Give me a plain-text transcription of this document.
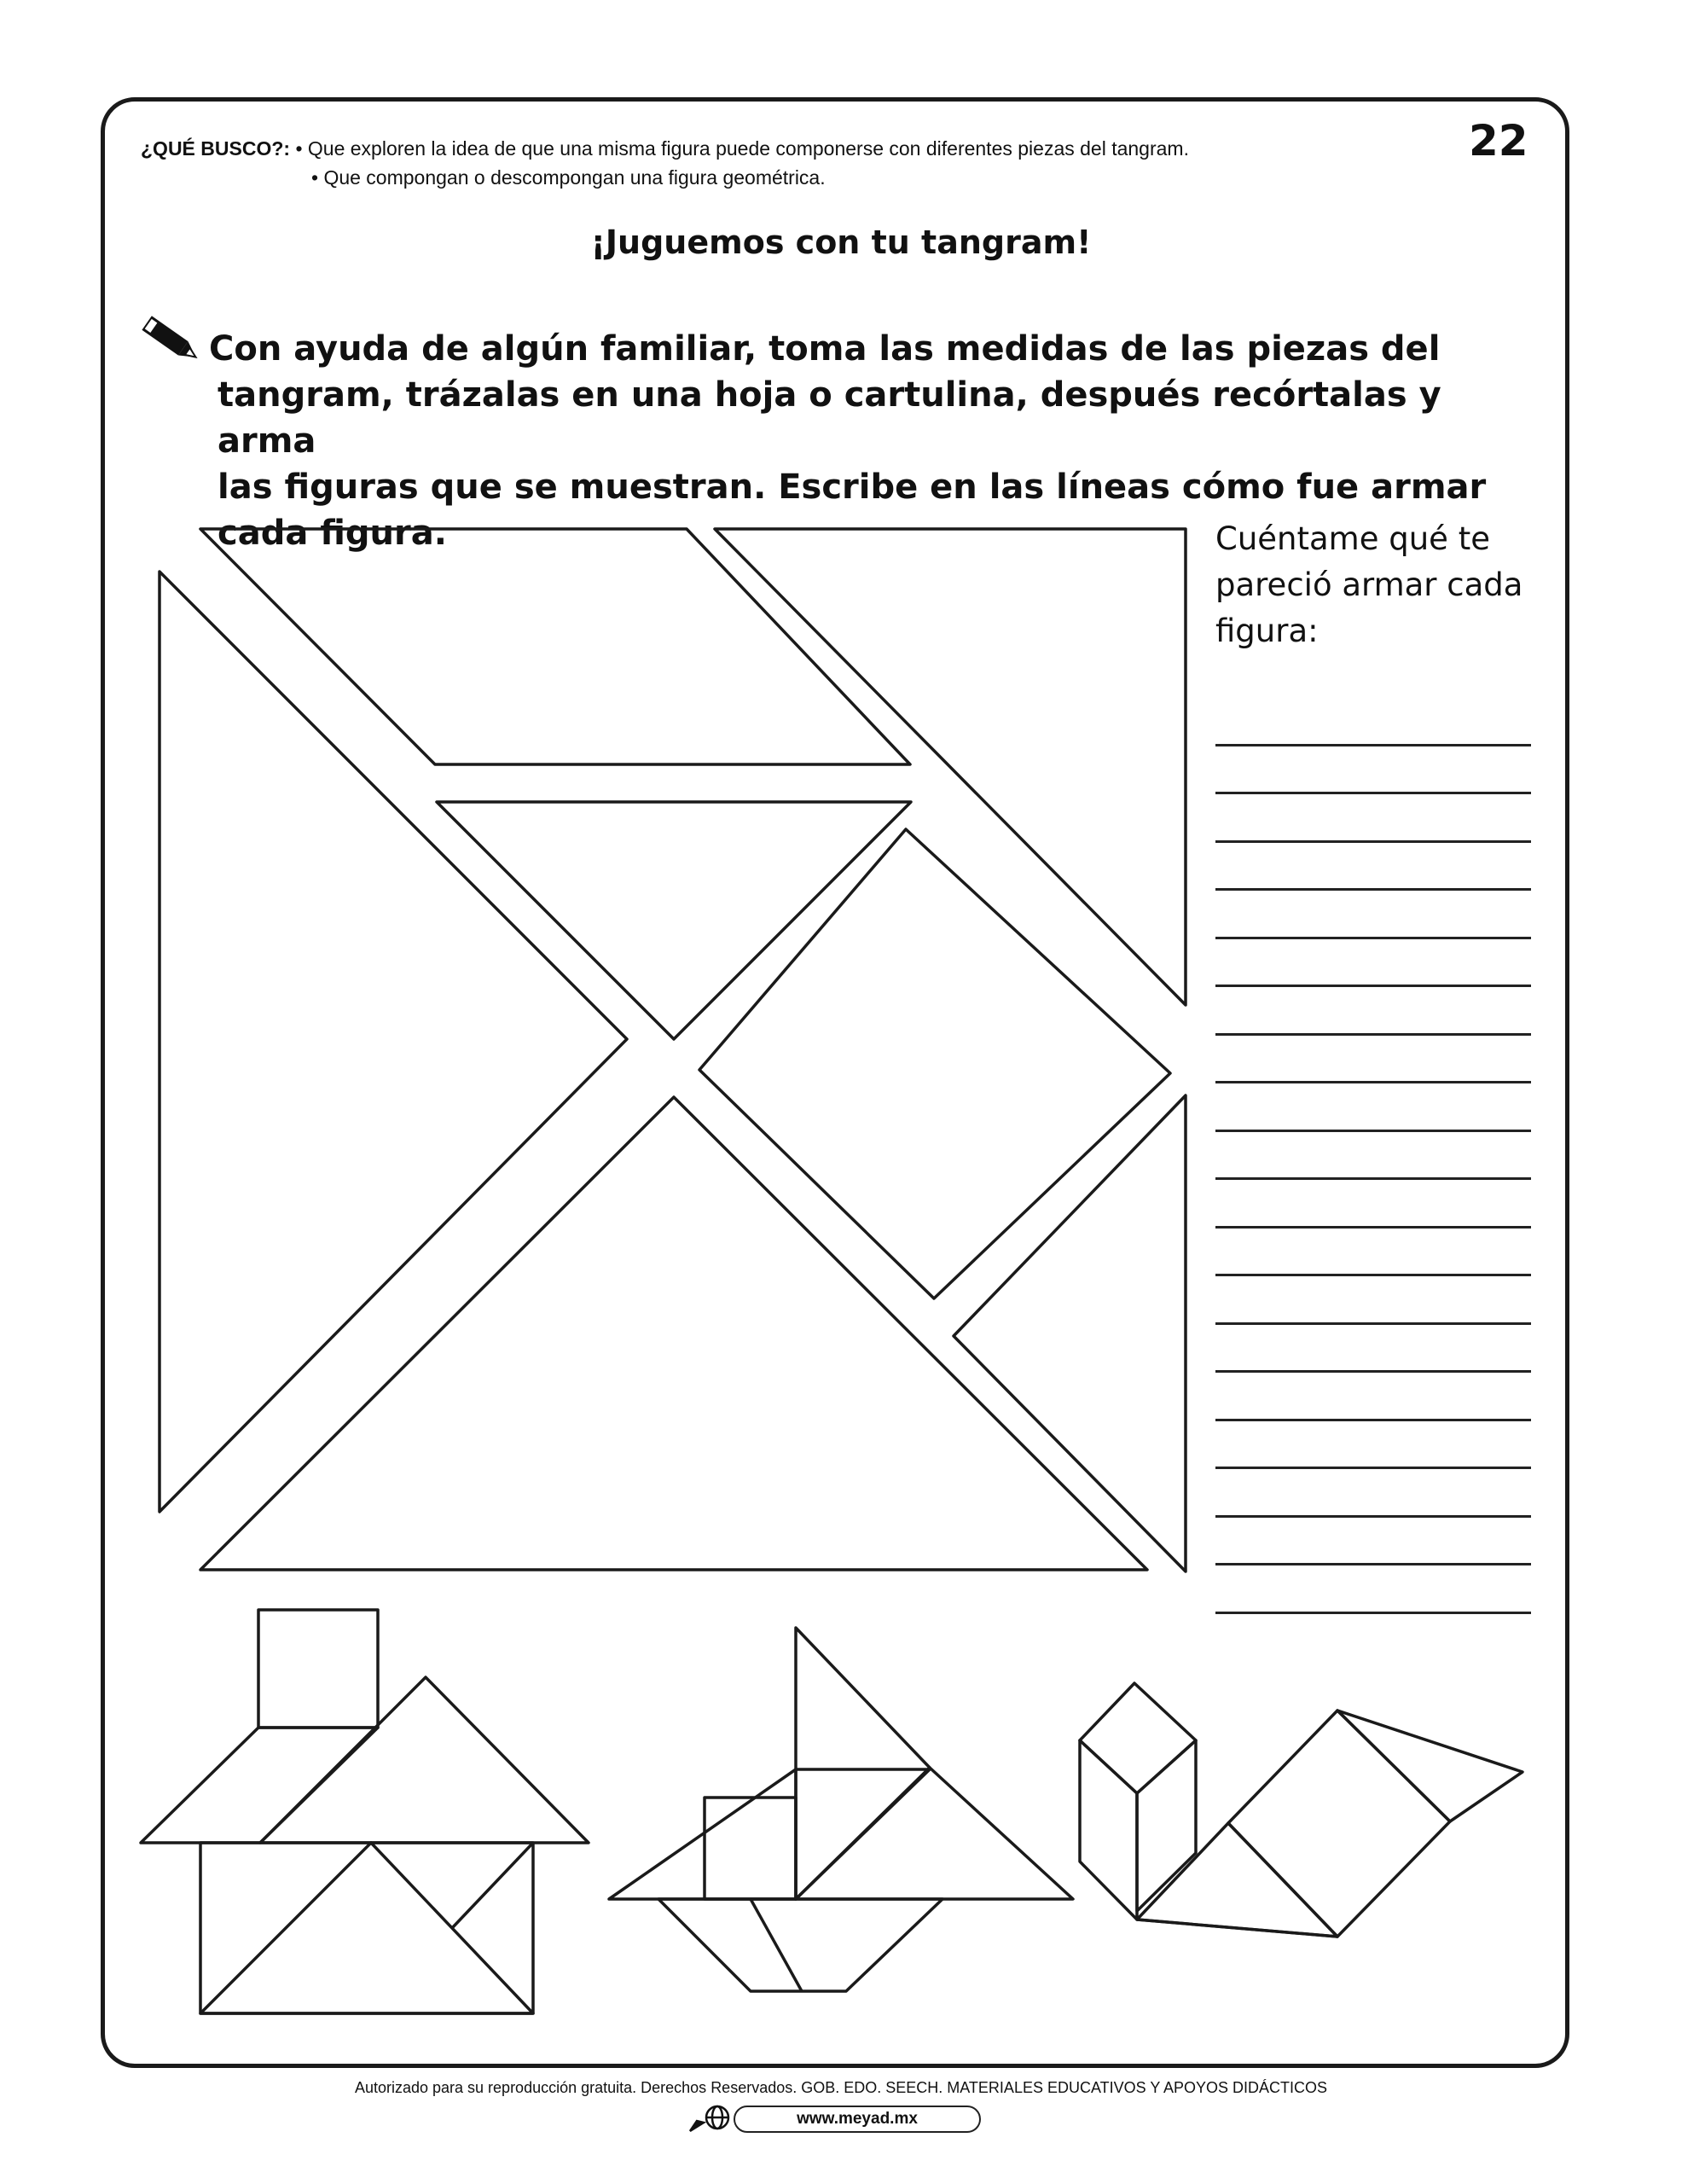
¿QUÉ BUSCO?: • Que exploren la idea de que una misma figura puede componerse con diferentes piezas del tangram.
• Que compongan o descompongan una figura geométrica.
22
¡Juguemos con tu tangram!
Con ayuda de algún familiar, toma las medidas de las piezas del
tangram, trázalas en una hoja o cartulina, después recórtalas y arma
las figuras que se muestran. Escribe en las líneas cómo fue armar
cada figura.	Cuéntame qué te
pareció armar cada
figura:
Autorizado para su reproducción gratuita. Derechos Reservados. GOB. EDO. SEECH. MATERIALES EDUCATIVOS Y APOYOS DIDÁCTICOS
www.meyad.mx
